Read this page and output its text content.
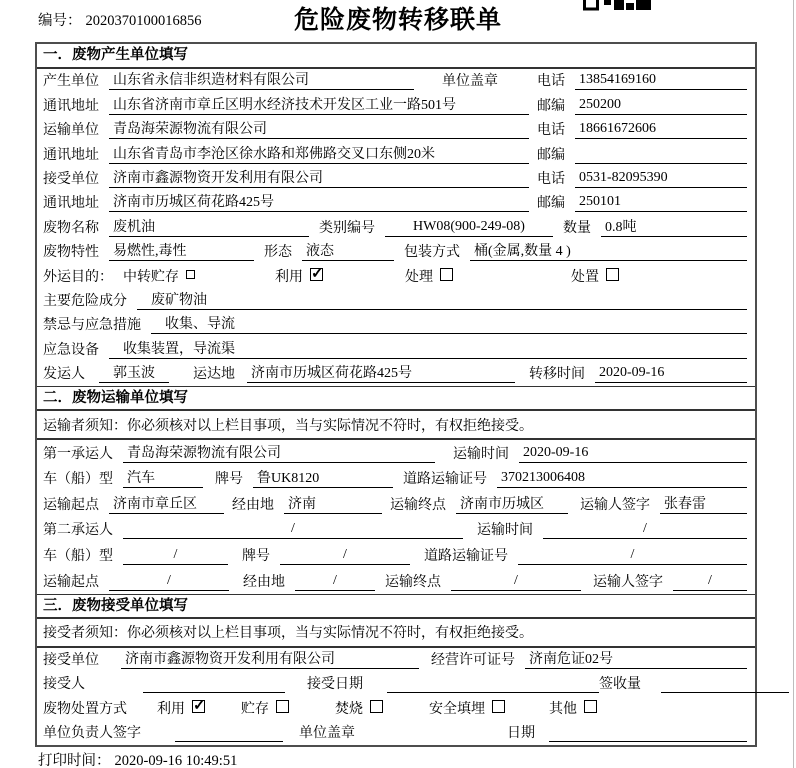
编号： 2020370100016856	危险废物转移联单
一．废物产生单位填写
产生单位 山东省永信非织造材料有限公司	单位盖章	电话 13854169160
通讯地址 山东省济南市章丘区明水经济技术开发区工业一路501号	邮编 250200
运输单位 青岛海荣源物流有限公司	电话 18661672606
通讯地址 山东省青岛市李沧区徐水路和郑佛路交叉口东侧20米	邮编
接受单位 济南市鑫源物资开发利用有限公司	电话 0531-82095390
通讯地址 济南市历城区荷花路425号	邮编 250101
废物名称 废机油	类别编号	HW08(900-249-08)	数量 0.8吨
废物特性 易燃性,毒性	形态 液态	包装方式 桶(金属,数量 4 )
外运目的： 中转贮存	利用 ✓	处理	处置
主要危险成分	废矿物油
禁忌与应急措施	收集、导流
应急设备	收集装置，导流渠
发运人	郭玉波	运达地 济南市历城区荷花路425号	转移时间 2020-09-16
二．废物运输单位填写
运输者须知：你必须核对以上栏目事项，当与实际情况不符时，有权拒绝接受。
第一承运人 青岛海荣源物流有限公司	运输时间 2020-09-16
车（船）型 汽车	牌号 鲁UK8120	道路运输证号 370213006408
运输起点 济南市章丘区	经由地 济南	运输终点 济南市历城区	运输人签字 张春雷
第二承运人	/	运输时间	/
车（船）型	/	牌号	/	道路运输证号	/
运输起点	/	经由地	/	运输终点	/	运输人签字	/
三．废物接受单位填写
接受者须知：你必须核对以上栏目事项，当与实际情况不符时，有权拒绝接受。
接受单位 济南市鑫源物资开发利用有限公司	经营许可证号 济南危证02号
接受人	接受日期	签收量
废物处置方式 利用 ✓	贮存	焚烧	安全填埋	其他
单位负责人签字	单位盖章	日期
打印时间： 2020-09-16 10:49:51
